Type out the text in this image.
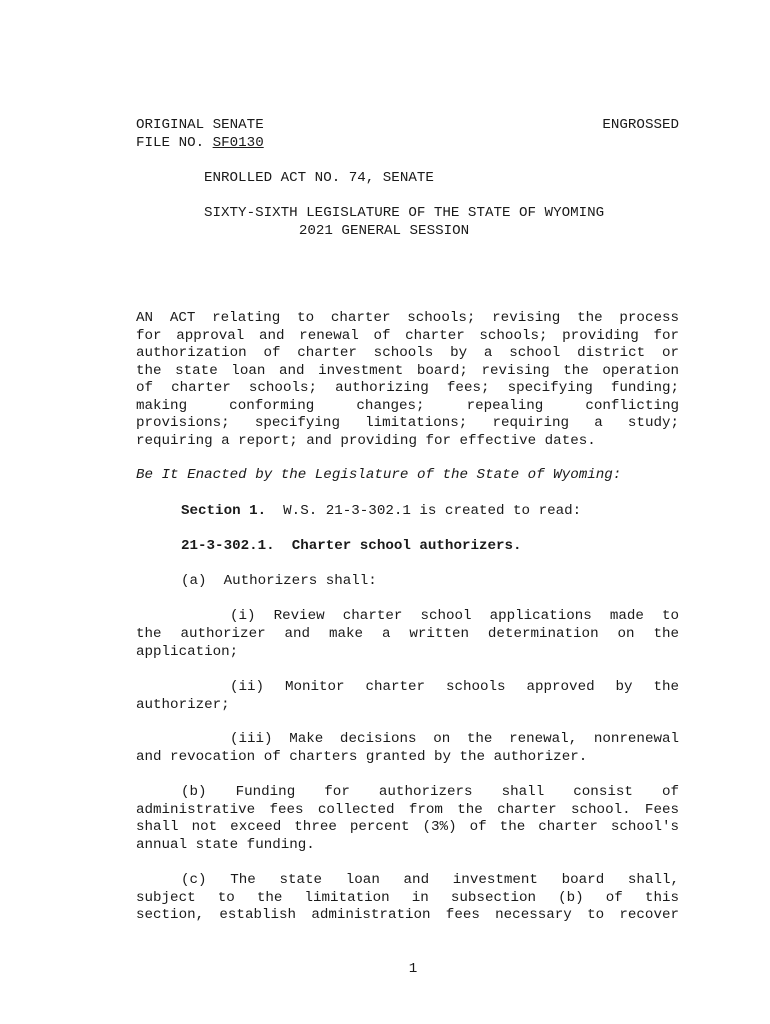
ORIGINAL SENATE	ENGROSSED
FILE NO. SF0130
ENROLLED ACT NO. 74, SENATE
SIXTY-SIXTH LEGISLATURE OF THE STATE OF WYOMING
2021 GENERAL SESSION
AN ACT relating to charter schools; revising the process
for approval and renewal of charter schools; providing for
authorization of charter schools by a school district or
the state loan and investment board; revising the operation
of charter schools; authorizing fees; specifying funding;
making conforming changes; repealing conflicting
provisions; specifying limitations; requiring a study;
requiring a report; and providing for effective dates.
Be It Enacted by the Legislature of the State of Wyoming:
Section 1. W.S. 21-3-302.1 is created to read:
21-3-302.1. Charter school authorizers.
(a)  Authorizers shall:
(i) Review charter school applications made to
the authorizer and make a written determination on the
application;
(ii) Monitor charter schools approved by the
authorizer;
(iii) Make decisions on the renewal, nonrenewal
and revocation of charters granted by the authorizer.
(b) Funding for authorizers shall consist of
administrative fees collected from the charter school. Fees
shall not exceed three percent (3%) of the charter school's
annual state funding.
(c) The state loan and investment board shall,
subject to the limitation in subsection (b) of this
section, establish administration fees necessary to recover
1
